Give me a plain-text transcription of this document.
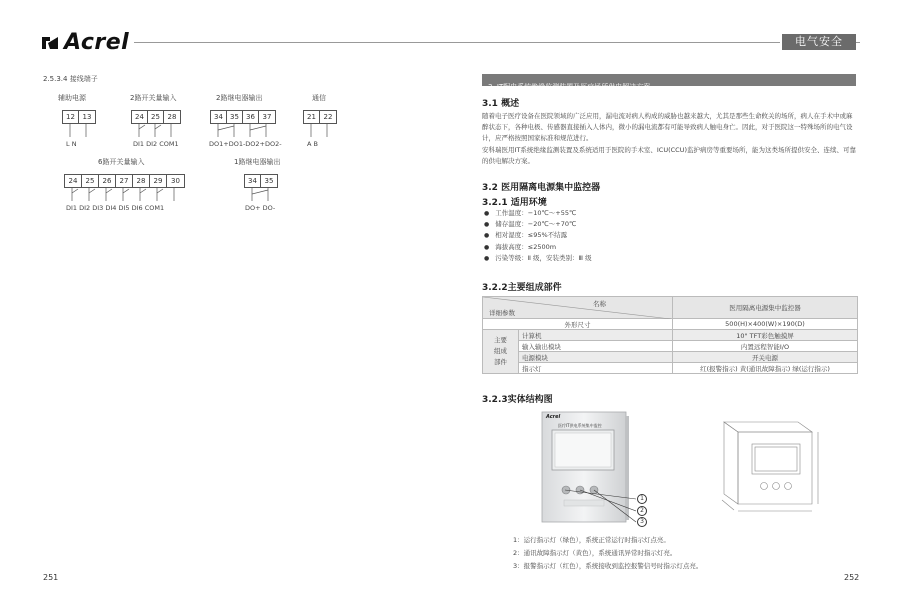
Acrel	电气安全
2.5.3.4 接线端子
辅助电源
12	13
L N
2路开关量输入
24	25	28
DI1 DI2 COM1
2路继电器输出
34	35	36	37
DO1+DO1-DO2+DO2-
通信
21	22
A B
6路开关量输入
24	25	26	27	28	29	30
DI1 DI2 DI3 DI4 DI5 DI6 COM1
1路继电器输出
34	35
DO+ DO-
251
3. IT配电系统绝缘监测装置及医疗场所供电解决方案
3.1 概述
随着电子医疗设备在医院领域的广泛应用，漏电流对病人构成的威胁也越来越大，尤其是那些生命攸关的场所，病人在手术中或麻醉状态下，各种电极、传感器直接插入人体内，微小的漏电流都有可能导致病人触电身亡。因此，对于医院这一特殊场所的电气设计，应严格按照国家标准和规范进行。
安科瑞医用IT系统绝缘监测装置及系统适用于医院的手术室、ICU(CCU)监护病房等重要场所，能为这类场所提供安全、连续、可靠的供电解决方案。
3.2 医用隔离电源集中监控器
3.2.1 适用环境
● 工作温度：−10℃～+55℃
● 储存温度：−20℃～+70℃
● 相对湿度：≤95%不结露
● 海拔高度：≤2500m
● 污染等级：Ⅱ 级，安装类别：Ⅲ 级
3.2.2主要组成部件
名称
详细参数		医用隔离电源集中监控器
外形尺寸		500(H)×400(W)×190(D)
主要
组成
部件	计算机	10" TFT彩色触摸屏
	输入输出模块	内置远程智能I/O
	电源模块	开关电源
	指示灯	红(报警指示) 黄(通讯故障指示) 绿(运行指示)
3.2.3实体结构图
Acrel
医疗IT供电系统集中监控
1
2
3
1：运行指示灯（绿色），系统正常运行时指示灯点亮。
2：通讯故障指示灯（黄色），系统通讯异常时指示灯亮。
3：报警指示灯（红色），系统接收到监控报警信号时指示灯点亮。
252
